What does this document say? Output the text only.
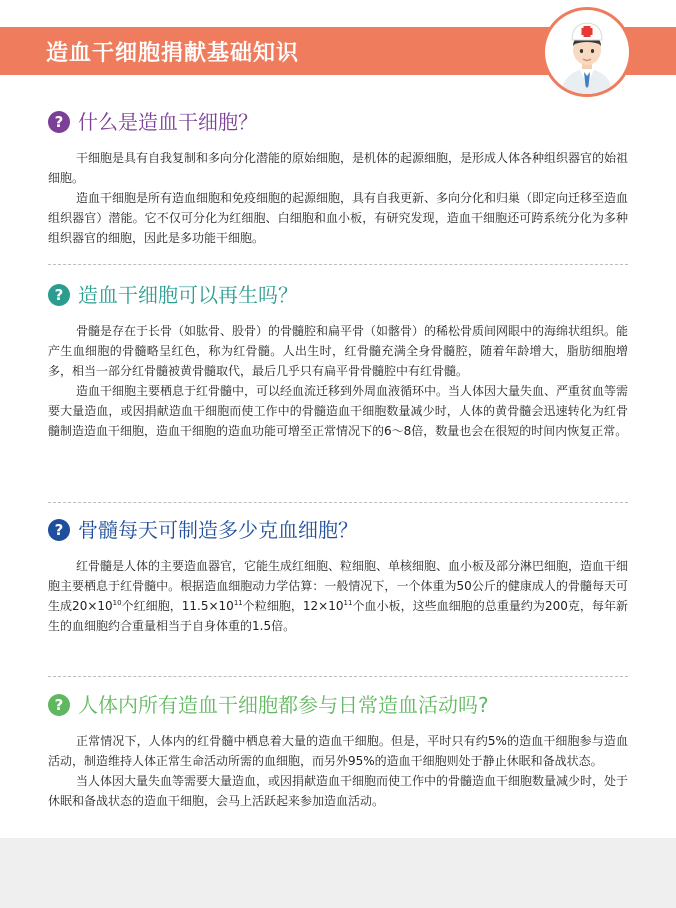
造血干细胞捐献基础知识
? 什么是造血干细胞？

干细胞是具有自我复制和多向分化潜能的原始细胞，是机体的起源细胞，是形成人体各种组织器官的始祖细胞。

造血干细胞是所有造血细胞和免疫细胞的起源细胞，具有自我更新、多向分化和归巢（即定向迁移至造血组织器官）潜能。它不仅可分化为红细胞、白细胞和血小板，有研究发现，造血干细胞还可跨系统分化为多种组织器官的细胞，因此是多功能干细胞。

? 造血干细胞可以再生吗？

骨髓是存在于长骨（如肱骨、股骨）的骨髓腔和扁平骨（如髂骨）的稀松骨质间网眼中的海绵状组织。能产生血细胞的骨髓略呈红色，称为红骨髓。人出生时，红骨髓充满全身骨髓腔，随着年龄增大，脂肪细胞增多，相当一部分红骨髓被黄骨髓取代，最后几乎只有扁平骨骨髓腔中有红骨髓。

造血干细胞主要栖息于红骨髓中，可以经血流迁移到外周血液循环中。当人体因大量失血、严重贫血等需要大量造血，或因捐献造血干细胞而使工作中的骨髓造血干细胞数量减少时，人体的黄骨髓会迅速转化为红骨髓制造造血干细胞，造血干细胞的造血功能可增至正常情况下的6～8倍，数量也会在很短的时间内恢复正常。

? 骨髓每天可制造多少克血细胞？

红骨髓是人体的主要造血器官，它能生成红细胞、粒细胞、单核细胞、血小板及部分淋巴细胞，造血干细胞主要栖息于红骨髓中。根据造血细胞动力学估算：一般情况下，一个体重为50公斤的健康成人的骨髓每天可生成$20\times 10^{10}$个红细胞，$11.5\times 10^{11}$个粒细胞，$12\times 10^{11}$个血小板，这些血细胞的总重量约为200克，每年新生的血细胞约合重量相当于自身体重的1.5倍。

? 人体内所有造血干细胞都参与日常造血活动吗?

正常情况下，人体内的红骨髓中栖息着大量的造血干细胞。但是，平时只有约5%的造血干细胞参与造血活动，制造维持人体正常生命活动所需的血细胞，而另外95%的造血干细胞则处于静止休眠和备战状态。

当人体因大量失血等需要大量造血，或因捐献造血干细胞而使工作中的骨髓造血干细胞数量减少时，处于休眠和备战状态的造血干细胞，会马上活跃起来参加造血活动。
